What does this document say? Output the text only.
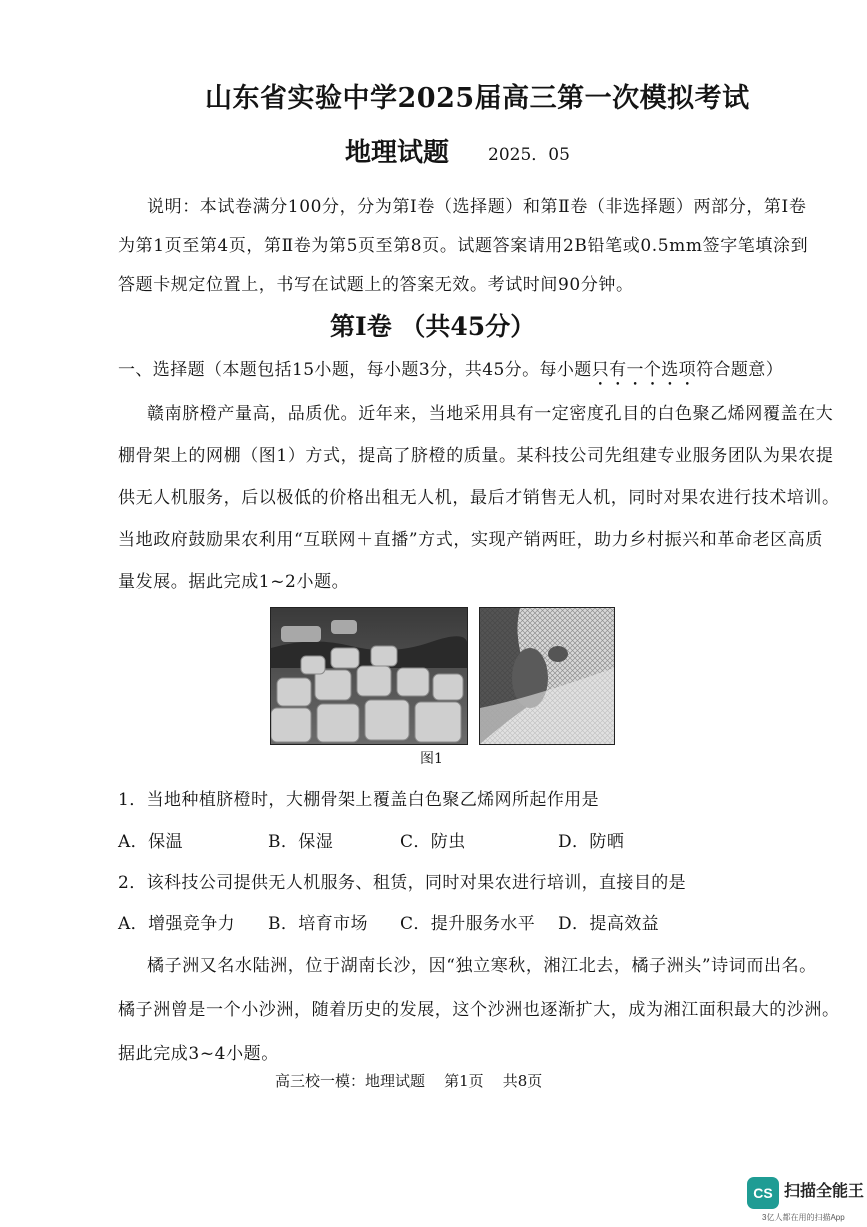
山东省实验中学2025届高三第一次模拟考试
地理试题 2025．05
说明：本试卷满分100分，分为第Ⅰ卷（选择题）和第Ⅱ卷（非选择题）两部分，第Ⅰ卷
为第1页至第4页，第Ⅱ卷为第5页至第8页。试题答案请用2B铅笔或0.5mm签字笔填涂到
答题卡规定位置上，书写在试题上的答案无效。考试时间90分钟。
第Ⅰ卷 （共45分）
一、选择题（本题包括15小题，每小题3分，共45分。每小题只有一个选项符合题意）
赣南脐橙产量高，品质优。近年来，当地采用具有一定密度孔目的白色聚乙烯网覆盖在大
棚骨架上的网棚（图1）方式，提高了脐橙的质量。某科技公司先组建专业服务团队为果农提
供无人机服务，后以极低的价格出租无人机，最后才销售无人机，同时对果农进行技术培训。
当地政府鼓励果农利用“互联网＋直播”方式，实现产销两旺，助力乡村振兴和革命老区高质
量发展。据此完成1~2小题。
图1
1．当地种植脐橙时，大棚骨架上覆盖白色聚乙烯网所起作用是
A．保温	B．保湿	C．防虫	D．防晒
2．该科技公司提供无人机服务、租赁，同时对果农进行培训，直接目的是
A．增强竞争力 B．培育市场 C．提升服务水平 D．提高效益
橘子洲又名水陆洲，位于湖南长沙，因“独立寒秋，湘江北去，橘子洲头”诗词而出名。
橘子洲曾是一个小沙洲，随着历史的发展，这个沙洲也逐渐扩大，成为湘江面积最大的沙洲。
据此完成3~4小题。
高三校一模：地理试题    第1页    共8页
CS 扫描全能王
3亿人都在用的扫描App
